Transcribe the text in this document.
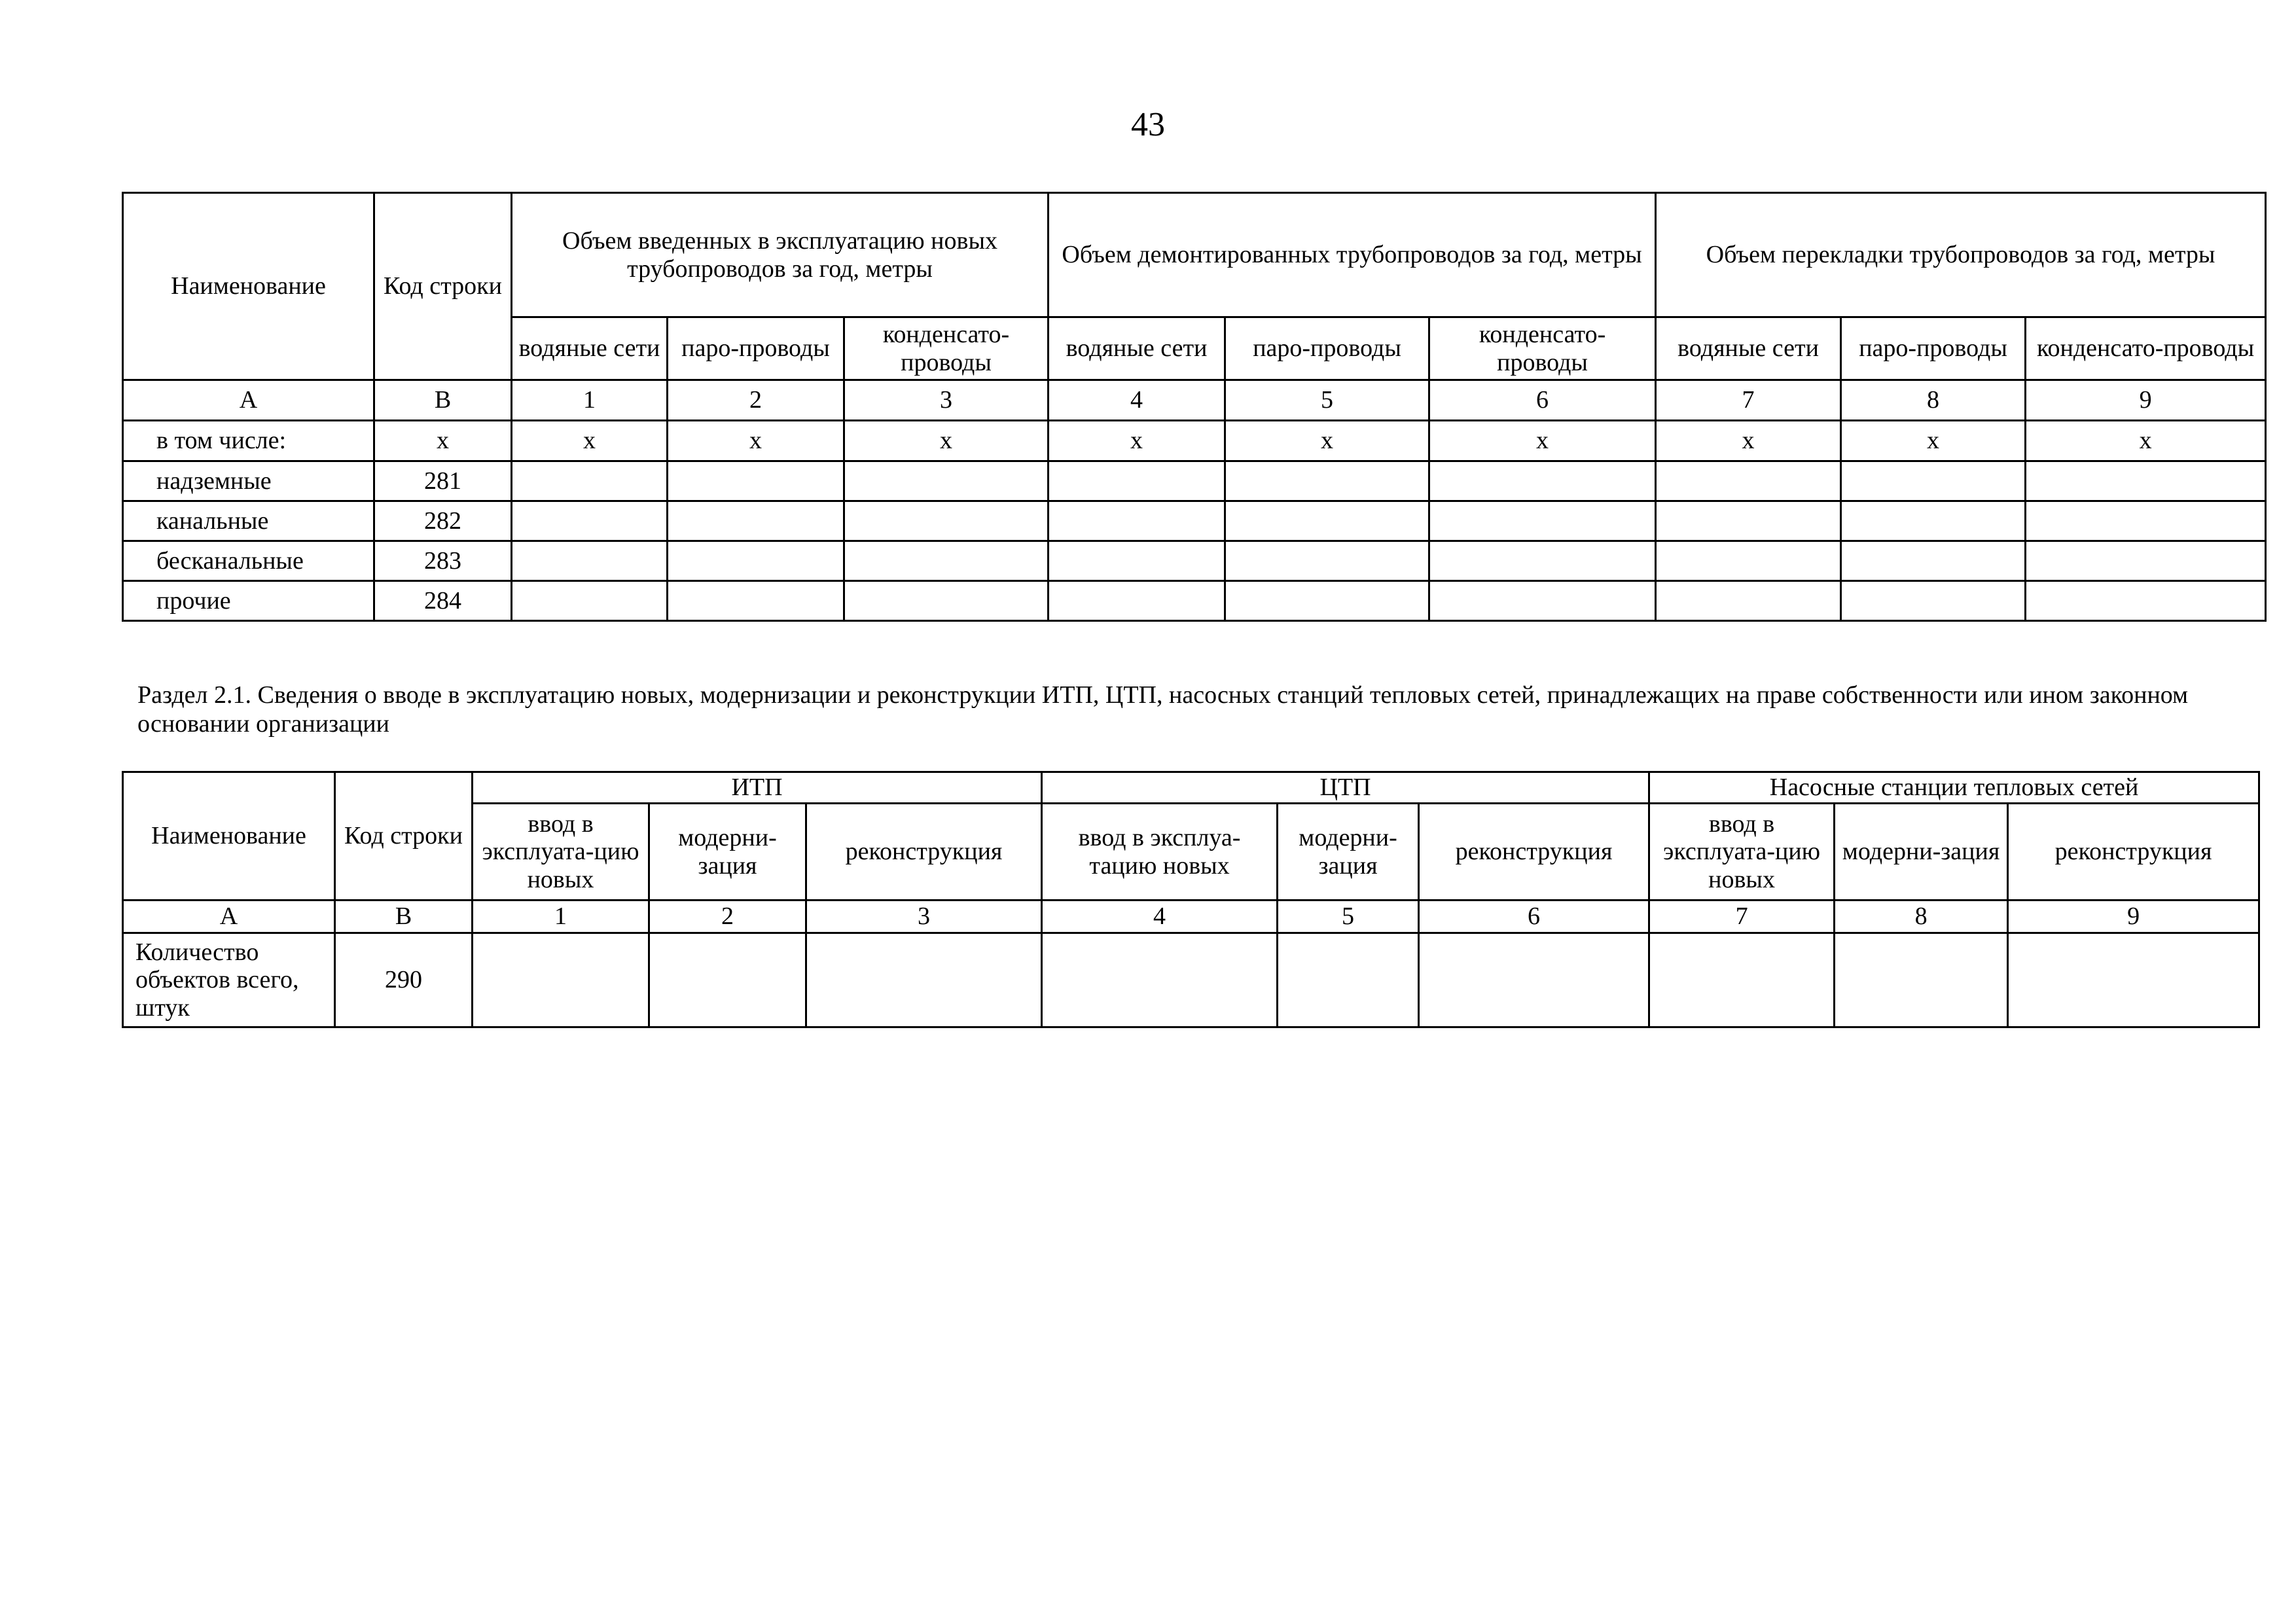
43
Наименование	Код строки	Объем введенных в эксплуатацию новых трубопроводов за год, метры			Объем демонтированных трубопроводов за год, метры			Объем перекладки трубопроводов за год, метры		
		водяные сети	паро-проводы	конденсато-проводы	водяные сети	паро-проводы	конденсато-проводы	водяные сети	паро-проводы	конденсато-проводы
А	В	1	2	3	4	5	6	7	8	9
в том числе:	x	x	x	x	x	x	x	x	x	x
надземные	281									
канальные	282									
бесканальные	283									
прочие	284									
Раздел 2.1. Сведения о вводе в эксплуатацию новых, модернизации и реконструкции ИТП, ЦТП, насосных станций тепловых сетей, принадлежащих на праве собственности или ином законном основании организации
Наименование	Код строки	ИТП			ЦТП			Насосные станции тепловых сетей		
		ввод в эксплуата-цию новых	модерни-зация	реконструкция	ввод в эксплуа-тацию новых	модерни-зация	реконструкция	ввод в эксплуата-цию новых	модерни-зация	реконструкция
А	В	1	2	3	4	5	6	7	8	9
Количество объектов всего, штук	290									
